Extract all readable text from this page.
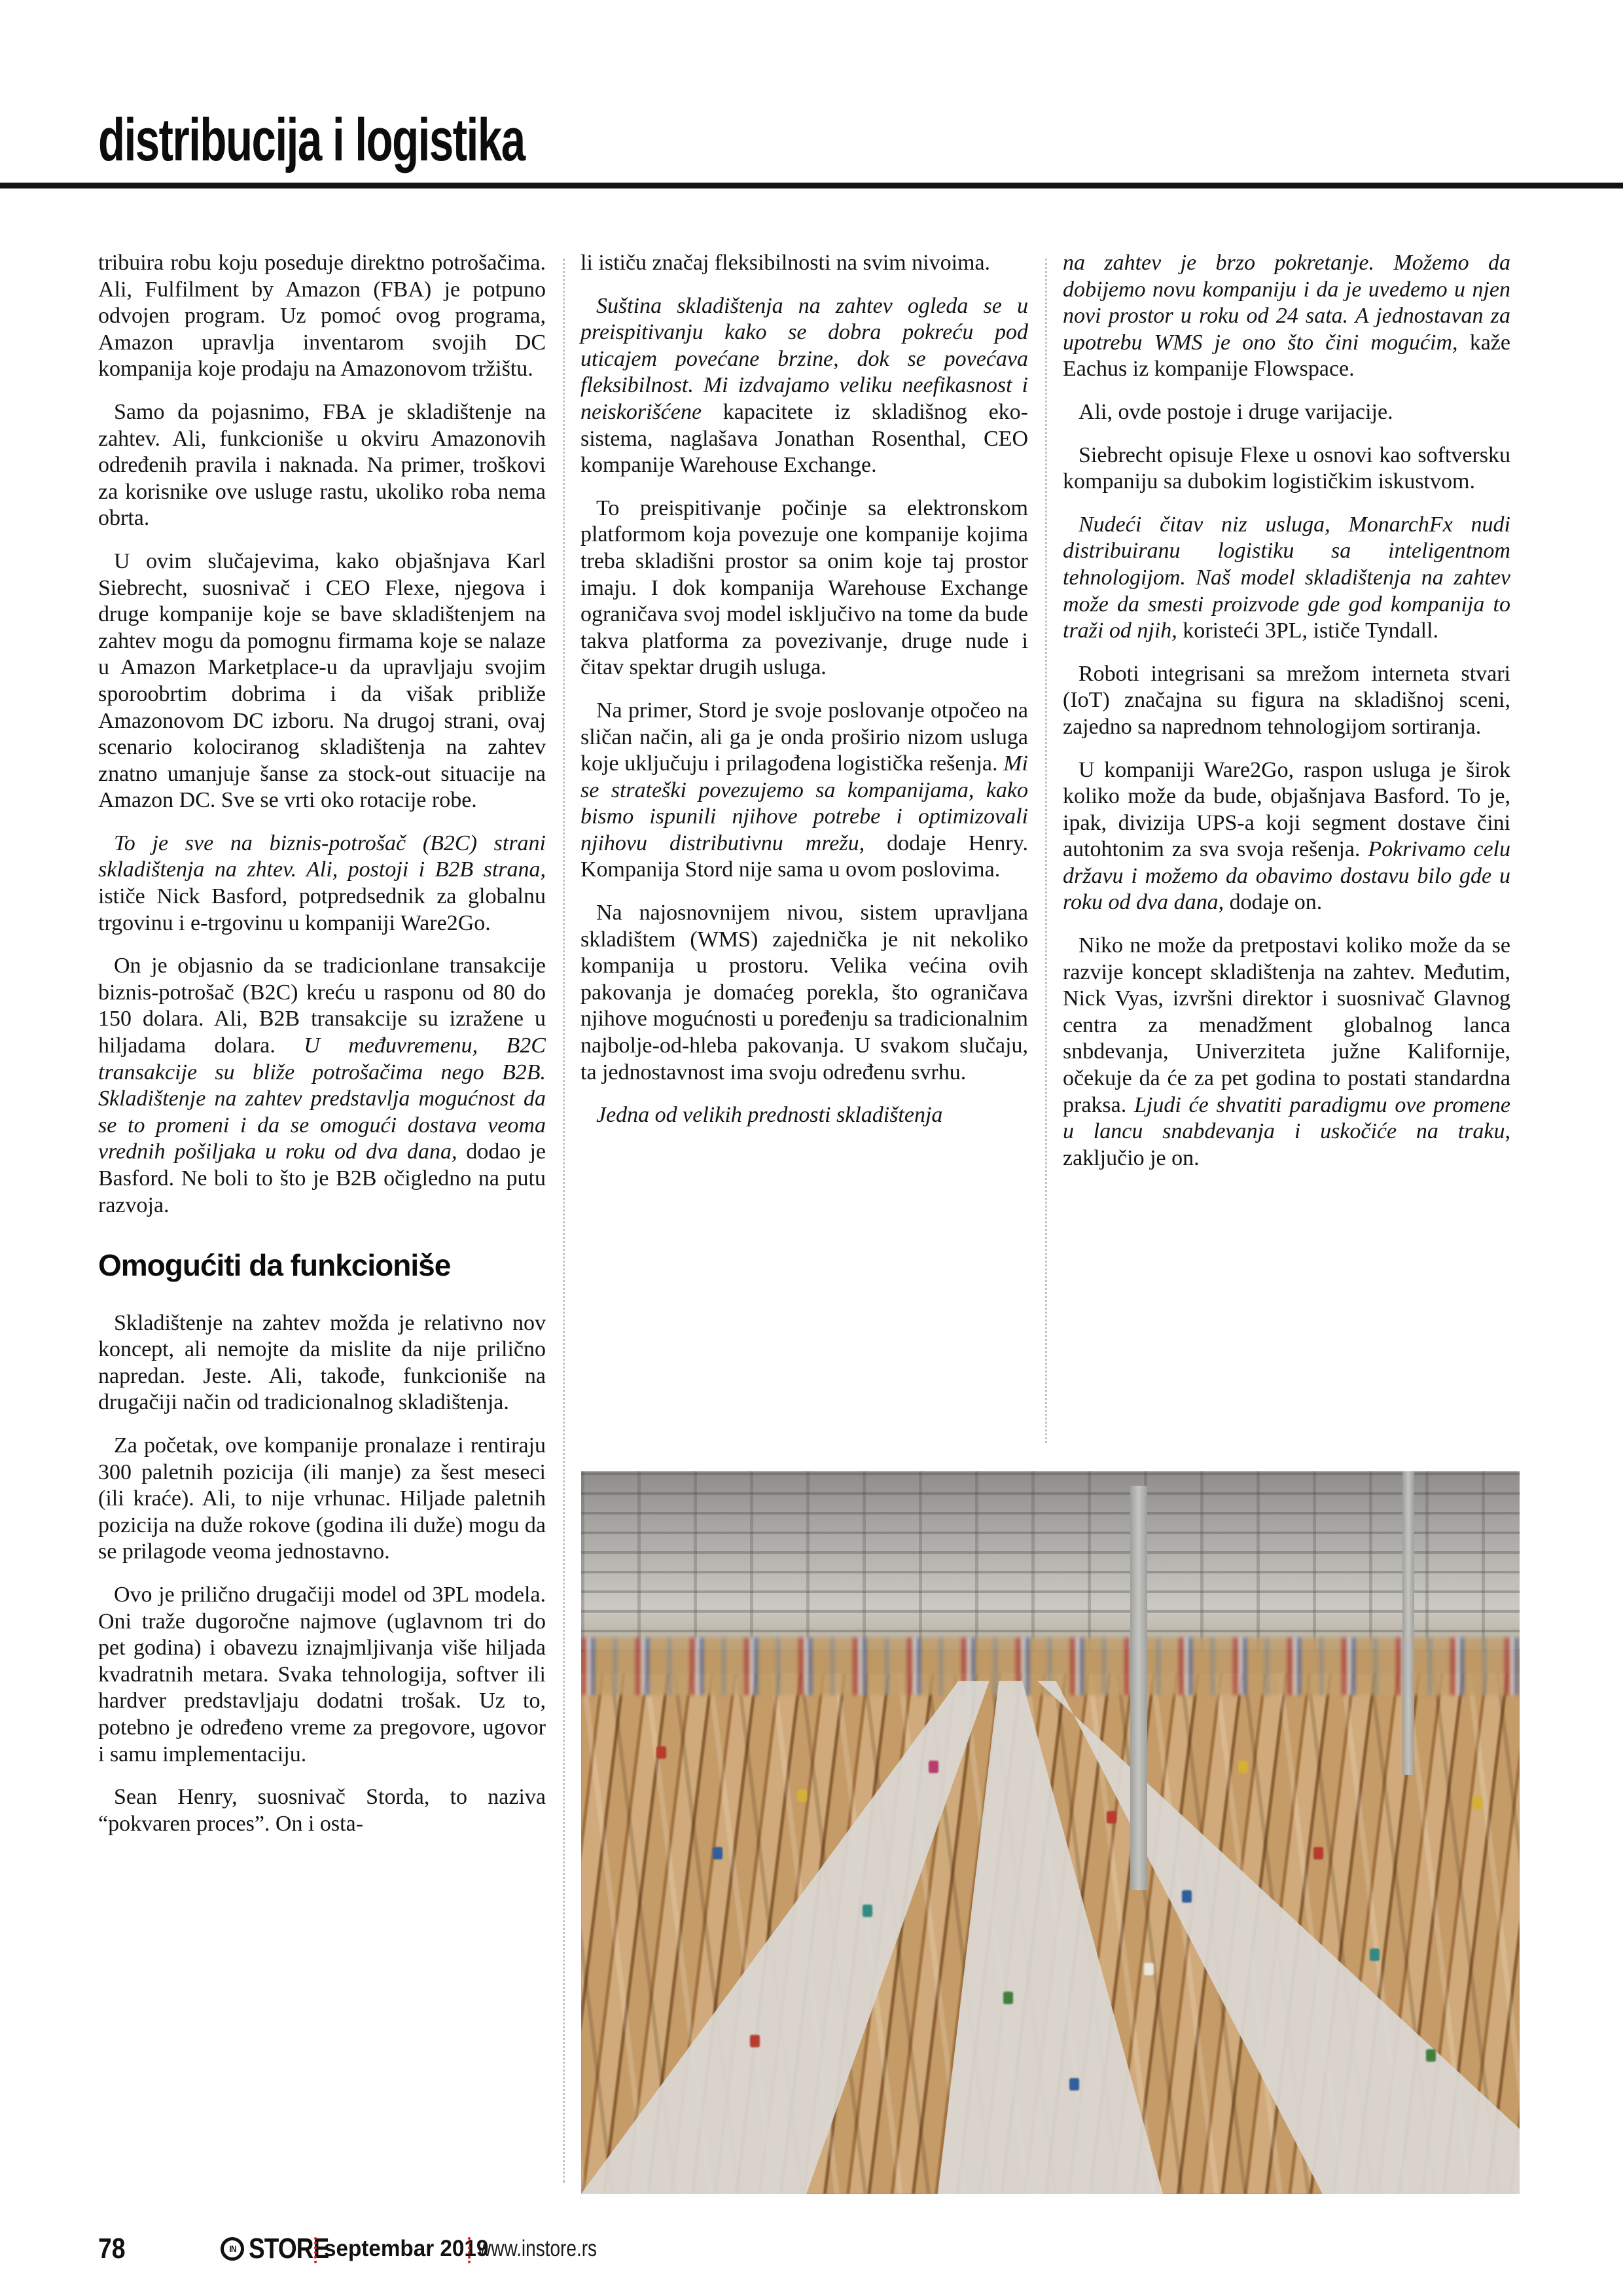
distribucija i logistika

tribuira robu koju poseduje direktno potrošačima. Ali, Fulfilment by Amazon (FBA) je potpuno odvojen program. Uz pomoć ovog programa, Amazon upravlja inventarom svojih DC kompanija koje prodaju na Amazonovom tržištu.

Samo da pojasnimo, FBA je skladištenje na zahtev. Ali, funkcioniše u okviru Amazonovih određenih pravila i naknada. Na primer, troškovi za korisnike ove usluge rastu, ukoliko roba nema obrta.

U ovim slučajevima, kako objašnjava Karl Siebrecht, suosnivač i CEO Flexe, njegova i druge kompanije koje se bave skladištenjem na zahtev mogu da pomognu firmama koje se nalaze u Amazon Marketplace-u da upravljaju svojim sporoobrtim dobrima i da višak približe Amazonovom DC izboru. Na drugoj strani, ovaj scenario kolociranog skladištenja na zahtev znatno umanjuje šanse za stock-out situacije na Amazon DC. Sve se vrti oko rotacije robe.

To je sve na biznis-potrošač (B2C) strani skladištenja na zhtev. Ali, postoji i B2B strana, ističe Nick Basford, potpredsednik za globalnu trgovinu i e-trgovinu u kompaniji Ware2Go.

On je objasnio da se tradicionlane transakcije biznis-potrošač (B2C) kreću u rasponu od 80 do 150 dolara. Ali, B2B transakcije su izražene u hiljadama dolara. U međuvremenu, B2C transakcije su bliže potrošačima nego B2B. Skladištenje na zahtev predstavlja mogućnost da se to promeni i da se omogući dostava veoma vrednih pošiljaka u roku od dva dana, dodao je Basford. Ne boli to što je B2B očigledno na putu razvoja.

Omogućiti da funkcioniše

Skladištenje na zahtev možda je relativno nov koncept, ali nemojte da mislite da nije prilično napredan. Jeste. Ali, takođe, funkcioniše na drugačiji način od tradicionalnog skladištenja.

Za početak, ove kompanije pronalaze i rentiraju 300 paletnih pozicija (ili manje) za šest meseci (ili kraće). Ali, to nije vrhunac. Hiljade paletnih pozicija na duže rokove (godina ili duže) mogu da se prilagode veoma jednostavno.

Ovo je prilično drugačiji model od 3PL modela. Oni traže dugoročne najmove (uglavnom tri do pet godina) i obavezu iznajmljivanja više hiljada kvadratnih metara. Svaka tehnologija, softver ili hardver predstavljaju dodatni trošak. Uz to, potebno je određeno vreme za pregovore, ugovor i samu implementaciju.

Sean Henry, suosnivač Storda, to naziva “pokvaren proces”. On i osta-

li ističu značaj fleksibilnosti na svim nivoima.

Suština skladištenja na zahtev ogleda se u preispitivanju kako se dobra pokreću pod uticajem povećane brzine, dok se povećava fleksibilnost. Mi izdvajamo veliku neefikasnost i neiskorišćene kapacitete iz skladišnog eko-sistema, naglašava Jonathan Rosenthal, CEO kompanije Warehouse Exchange.

To preispitivanje počinje sa elektronskom platformom koja povezuje one kompanije kojima treba skladišni prostor sa onim koje taj prostor imaju. I dok kompanija Warehouse Exchange ograničava svoj model isključivo na tome da bude takva platforma za povezivanje, druge nude i čitav spektar drugih usluga.

Na primer, Stord je svoje poslovanje otpočeo na sličan način, ali ga je onda proširio nizom usluga koje uključuju i prilagođena logistička rešenja. Mi se strateški povezujemo sa kompanijama, kako bismo ispunili njihove potrebe i optimizovali njihovu distributivnu mrežu, dodaje Henry. Kompanija Stord nije sama u ovom poslovima.

Na najosnovnijem nivou, sistem upravljana skladištem (WMS) zajednička je nit nekoliko kompanija u prostoru. Velika većina ovih pakovanja je domaćeg porekla, što ograničava njihove mogućnosti u poređenju sa tradicionalnim najbolje-od-hleba pakovanja. U svakom slučaju, ta jednostavnost ima svoju određenu svrhu.

Jedna od velikih prednosti skladištenja

na zahtev je brzo pokretanje. Možemo da dobijemo novu kompaniju i da je uvedemo u njen novi prostor u roku od 24 sata. A jednostavan za upotrebu WMS je ono što čini mogućim, kaže Eachus iz kompanije Flowspace.

Ali, ovde postoje i druge varijacije.

Siebrecht opisuje Flexe u osnovi kao softversku kompaniju sa dubokim logističkim iskustvom.

Nudeći čitav niz usluga, MonarchFx nudi distribuiranu logistiku sa inteligentnom tehnologijom. Naš model skladištenja na zahtev može da smesti proizvode gde god kompanija to traži od njih, koristeći 3PL, ističe Tyndall.

Roboti integrisani sa mrežom interneta stvari (IoT) značajna su figura na skladišnoj sceni, zajedno sa naprednom tehnologijom sortiranja.

U kompaniji Ware2Go, raspon usluga je širok koliko može da bude, objašnjava Basford. To je, ipak, divizija UPS-a koji segment dostave čini autohtonim za sva svoja rešenja. Pokrivamo celu državu i možemo da obavimo dostavu bilo gde u roku od dva dana, dodaje on.

Niko ne može da pretpostavi koliko može da se razvije koncept skladištenja na zahtev. Međutim, Nick Vyas, izvršni direktor i suosnivač Glavnog centra za menadžment globalnog lanca snbdevanja, Univerziteta južne Kalifornije, očekuje da će za pet godina to postati standardna praksa. Ljudi će shvatiti paradigmu ove promene u lancu snabdevanja i uskočiće na traku, zaključio je on.

78	IN STORE
septembar 2019
www.instore.rs
